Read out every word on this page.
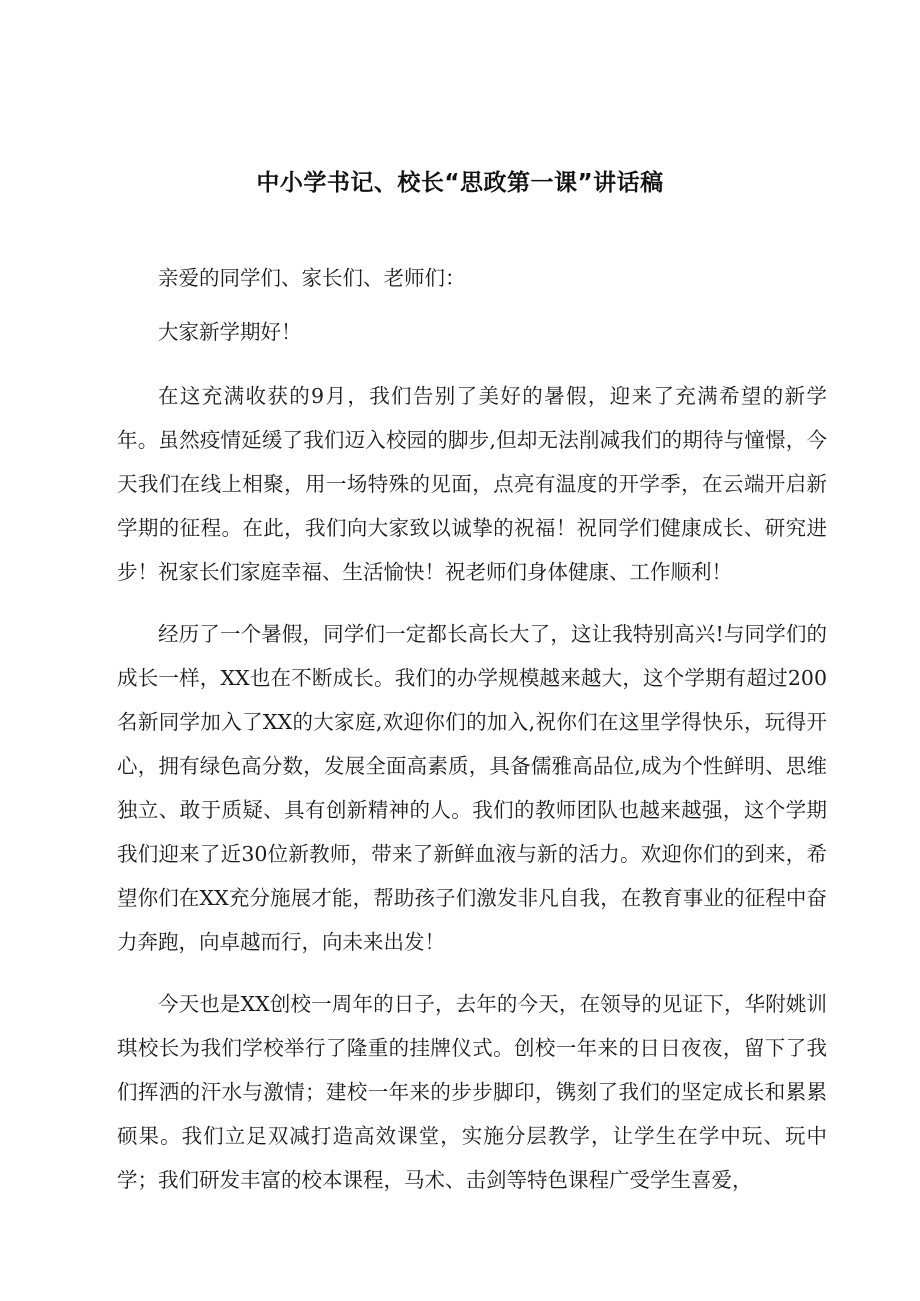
中小学书记、校长“思政第一课”讲话稿

亲爱的同学们、家长们、老师们：

大家新学期好！

在这充满收获的9月，我们告别了美好的暑假，迎来了充满希望的新学年。虽然疫情延缓了我们迈入校园的脚步,但却无法削减我们的期待与憧憬，今天我们在线上相聚，用一场特殊的见面，点亮有温度的开学季，在云端开启新学期的征程。在此，我们向大家致以诚挚的祝福！祝同学们健康成长、研究进步！祝家长们家庭幸福、生活愉快！祝老师们身体健康、工作顺利！

经历了一个暑假，同学们一定都长高长大了，这让我特别高兴!与同学们的成长一样，XX也在不断成长。我们的办学规模越来越大，这个学期有超过200名新同学加入了XX的大家庭,欢迎你们的加入,祝你们在这里学得快乐，玩得开心，拥有绿色高分数，发展全面高素质，具备儒雅高品位,成为个性鲜明、思维独立、敢于质疑、具有创新精神的人。我们的教师团队也越来越强，这个学期我们迎来了近30位新教师，带来了新鲜血液与新的活力。欢迎你们的到来，希望你们在XX充分施展才能，帮助孩子们激发非凡自我，在教育事业的征程中奋力奔跑，向卓越而行，向未来出发！

今天也是XX创校一周年的日子，去年的今天，在领导的见证下，华附姚训琪校长为我们学校举行了隆重的挂牌仪式。创校一年来的日日夜夜，留下了我们挥洒的汗水与激情；建校一年来的步步脚印，镌刻了我们的坚定成长和累累硕果。我们立足双减打造高效课堂，实施分层教学，让学生在学中玩、玩中学；我们研发丰富的校本课程，马术、击剑等特色课程广受学生喜爱，
